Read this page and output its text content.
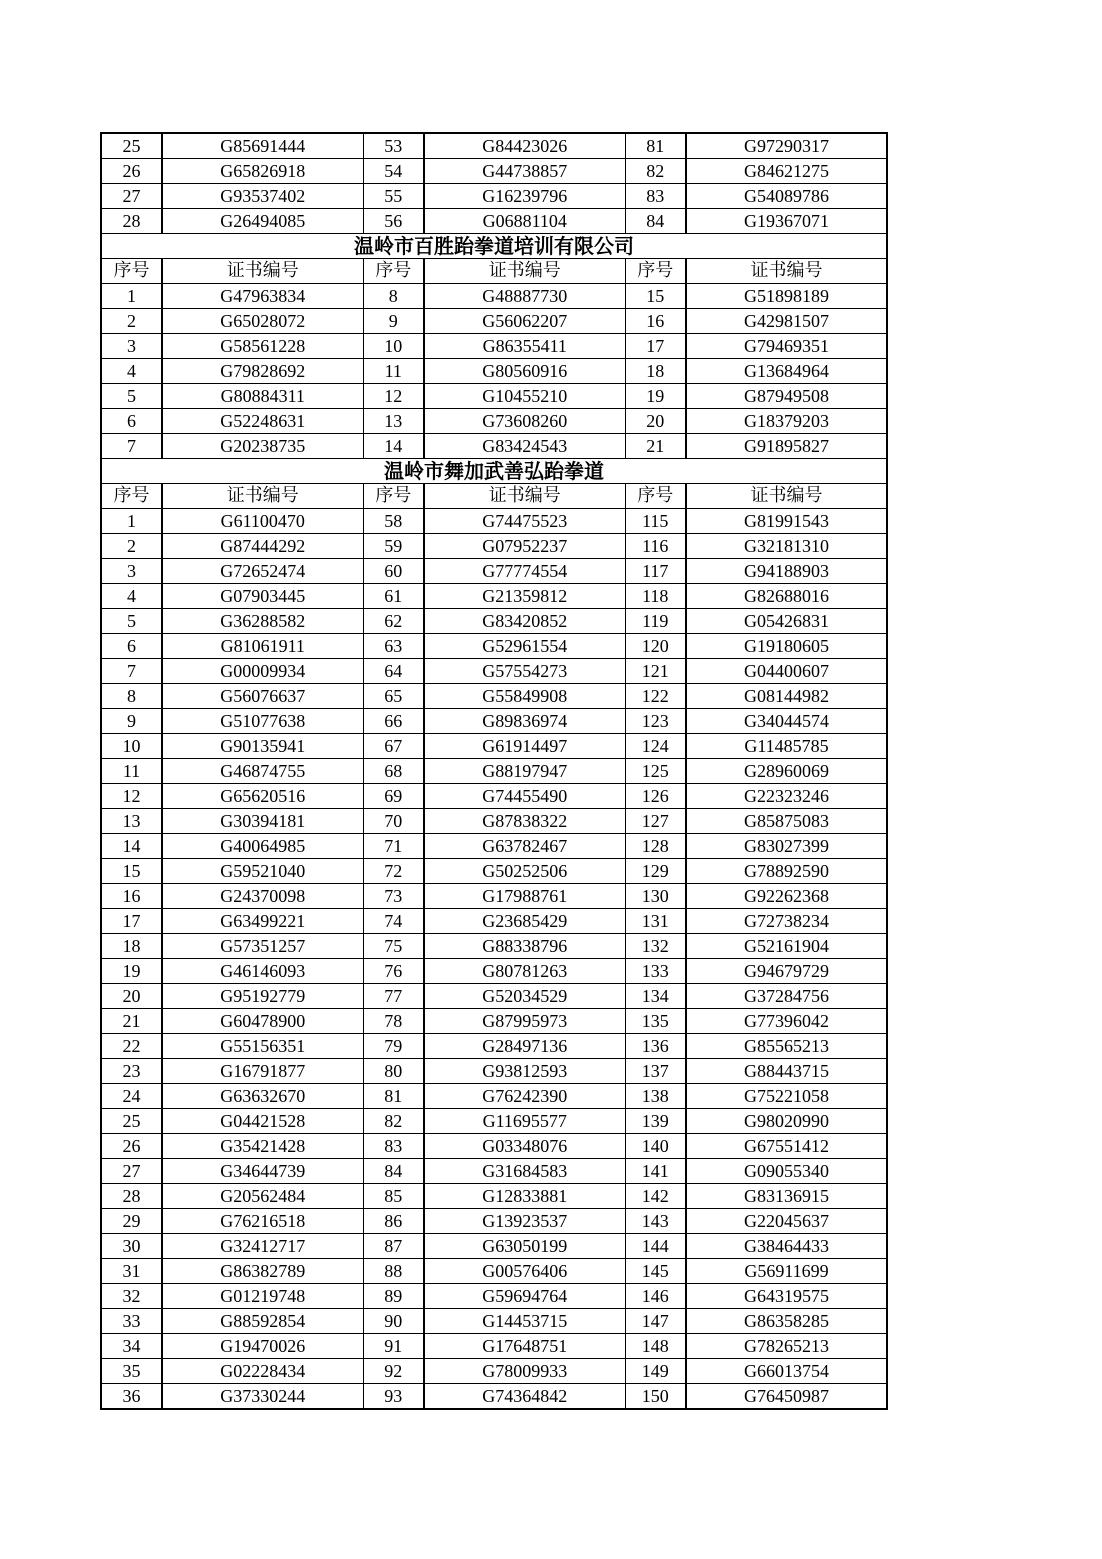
25	G85691444	53	G84423026	81	G97290317
26	G65826918	54	G44738857	82	G84621275
27	G93537402	55	G16239796	83	G54089786
28	G26494085	56	G06881104	84	G19367071
温岭市百胜跆拳道培训有限公司					
序号	证书编号	序号	证书编号	序号	证书编号
1	G47963834	8	G48887730	15	G51898189
2	G65028072	9	G56062207	16	G42981507
3	G58561228	10	G86355411	17	G79469351
4	G79828692	11	G80560916	18	G13684964
5	G80884311	12	G10455210	19	G87949508
6	G52248631	13	G73608260	20	G18379203
7	G20238735	14	G83424543	21	G91895827
温岭市舞加武善弘跆拳道					
序号	证书编号	序号	证书编号	序号	证书编号
1	G61100470	58	G74475523	115	G81991543
2	G87444292	59	G07952237	116	G32181310
3	G72652474	60	G77774554	117	G94188903
4	G07903445	61	G21359812	118	G82688016
5	G36288582	62	G83420852	119	G05426831
6	G81061911	63	G52961554	120	G19180605
7	G00009934	64	G57554273	121	G04400607
8	G56076637	65	G55849908	122	G08144982
9	G51077638	66	G89836974	123	G34044574
10	G90135941	67	G61914497	124	G11485785
11	G46874755	68	G88197947	125	G28960069
12	G65620516	69	G74455490	126	G22323246
13	G30394181	70	G87838322	127	G85875083
14	G40064985	71	G63782467	128	G83027399
15	G59521040	72	G50252506	129	G78892590
16	G24370098	73	G17988761	130	G92262368
17	G63499221	74	G23685429	131	G72738234
18	G57351257	75	G88338796	132	G52161904
19	G46146093	76	G80781263	133	G94679729
20	G95192779	77	G52034529	134	G37284756
21	G60478900	78	G87995973	135	G77396042
22	G55156351	79	G28497136	136	G85565213
23	G16791877	80	G93812593	137	G88443715
24	G63632670	81	G76242390	138	G75221058
25	G04421528	82	G11695577	139	G98020990
26	G35421428	83	G03348076	140	G67551412
27	G34644739	84	G31684583	141	G09055340
28	G20562484	85	G12833881	142	G83136915
29	G76216518	86	G13923537	143	G22045637
30	G32412717	87	G63050199	144	G38464433
31	G86382789	88	G00576406	145	G56911699
32	G01219748	89	G59694764	146	G64319575
33	G88592854	90	G14453715	147	G86358285
34	G19470026	91	G17648751	148	G78265213
35	G02228434	92	G78009933	149	G66013754
36	G37330244	93	G74364842	150	G76450987
